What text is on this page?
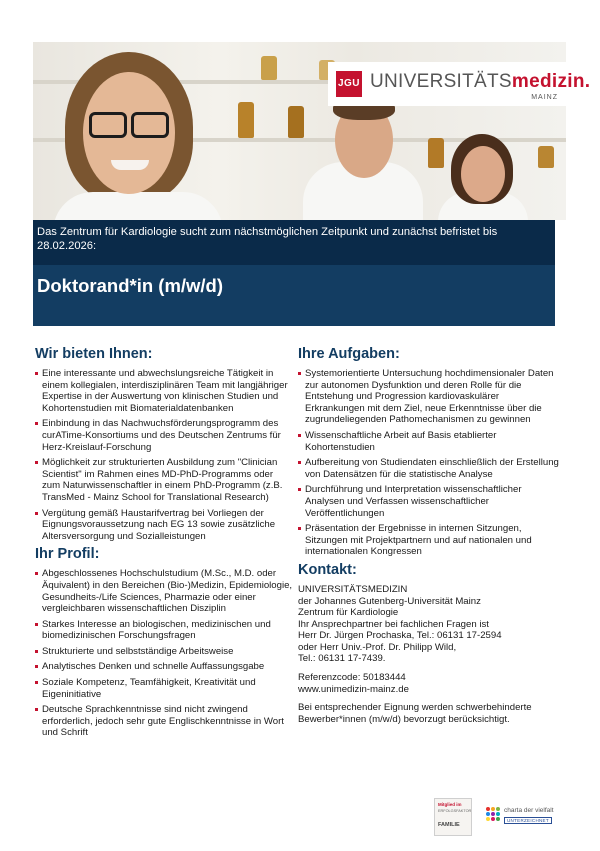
JGU UNIVERSITÄTSmedizin.
MAINZ
Das Zentrum für Kardiologie sucht zum nächstmöglichen Zeitpunkt und zunächst befristet bis 28.02.2026:
Doktorand*in (m/w/d)
Wir bieten Ihnen:
Eine interessante und abwechslungsreiche Tätigkeit in einem kollegialen, interdisziplinären Team mit langjähriger Expertise in der Auswertung von klinischen Studien und Kohortenstudien mit Biomaterialdatenbanken
Einbindung in das Nachwuchsförderungsprogramm des curATime-Konsortiums und des Deutschen Zentrums für Herz-Kreislauf-Forschung
Möglichkeit zur strukturierten Ausbildung zum "Clinician Scientist" im Rahmen eines MD-PhD-Programms oder zum Naturwissenschaftler in einem PhD-Programm (z.B. TransMed - Mainz School for Translational Research)
Vergütung gemäß Haustarifvertrag bei Vorliegen der Eignungsvoraussetzung nach EG 13 sowie zusätzliche Altersversorgung und Sozialleistungen
Ihr Profil:
Abgeschlossenes Hochschulstudium (M.Sc., M.D. oder Äquivalent) in den Bereichen (Bio-)Medizin, Epidemiologie, Gesundheits-/Life Sciences, Pharmazie oder einer vergleichbaren wissenschaftlichen Disziplin
Starkes Interesse an biologischen, medizinischen und biomedizinischen Forschungsfragen
Strukturierte und selbstständige Arbeitsweise
Analytisches Denken und schnelle Auffassungsgabe
Soziale Kompetenz, Teamfähigkeit, Kreativität und Eigeninitiative
Deutsche Sprachkenntnisse sind nicht zwingend erforderlich, jedoch sehr gute Englischkenntnisse in Wort und Schrift
Ihre Aufgaben:
Systemorientierte Untersuchung hochdimensionaler Daten zur autonomen Dysfunktion und deren Rolle für die Entstehung und Progression kardiovaskulärer Erkrankungen mit dem Ziel, neue Erkenntnisse über die zugrundeliegenden Pathomechanismen zu gewinnen
Wissenschaftliche Arbeit auf Basis etablierter Kohortenstudien
Aufbereitung von Studiendaten einschließlich der Erstellung von Datensätzen für die statistische Analyse
Durchführung und Interpretation wissenschaftlicher Analysen und Verfassen wissenschaftlicher Veröffentlichungen
Präsentation der Ergebnisse in internen Sitzungen, Sitzungen mit Projektpartnern und auf nationalen und internationalen Kongressen
Kontakt:

UNIVERSITÄTSMEDIZIN
der Johannes Gutenberg-Universität Mainz
Zentrum für Kardiologie
Ihr Ansprechpartner bei fachlichen Fragen ist
Herr Dr. Jürgen Prochaska, Tel.: 06131 17-2594
oder Herr Univ.-Prof. Dr. Philipp Wild,
Tel.: 06131 17-7439.

Referenzcode: 50183444
www.unimedizin-mainz.de

Bei entsprechender Eignung werden schwerbehinderte Bewerber*innen (m/w/d) bevorzugt berücksichtigt.

Mitglied im
ERFOLGSFAKTOR
FAMILIE
charta der vielfalt
UNTERZEICHNET
